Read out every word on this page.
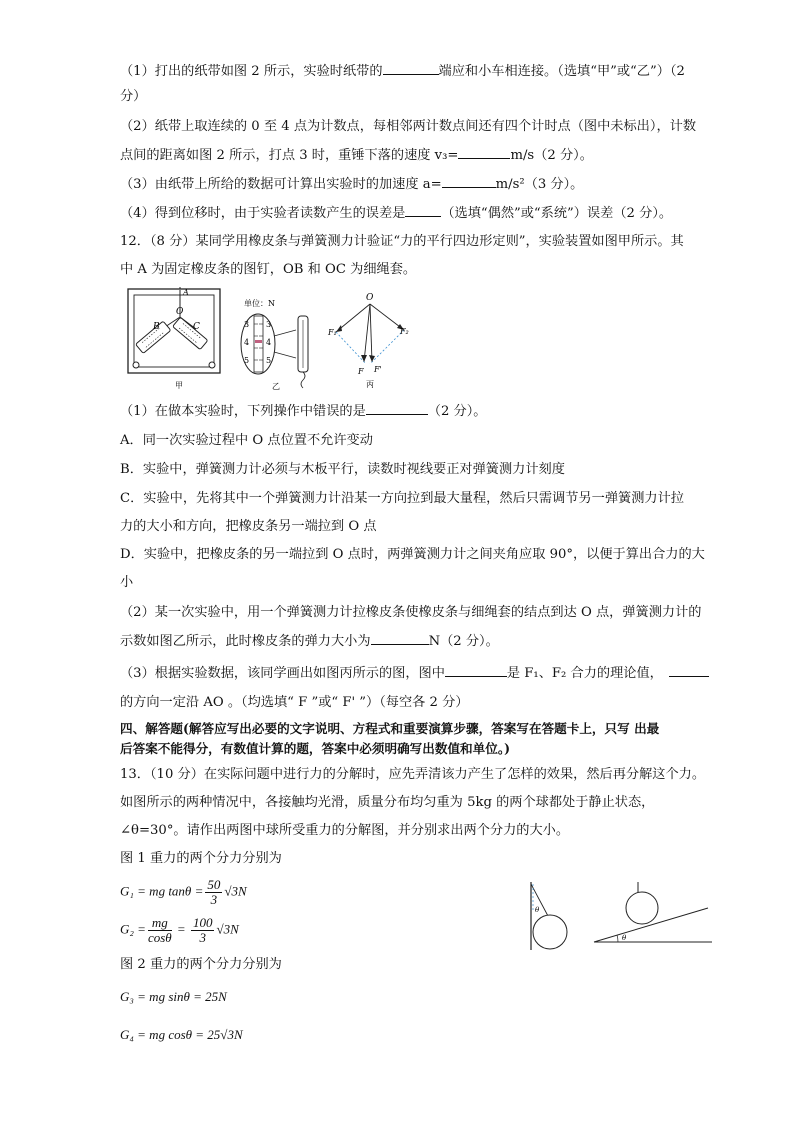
（1）打出的纸带如图 2 所示，实验时纸带的	端应和小车相连接。（选填“甲”或“乙”）（2
分）
（2）纸带上取连续的 0 至 4 点为计数点，每相邻两计数点间还有四个计时点（图中未标出），计数
点间的距离如图 2 所示，打点 3 时，重锤下落的速度 v₃=	m/s（2 分）。
（3）由纸带上所给的数据可计算出实验时的加速度 a=	m/s²（3 分）。
（4）得到位移时，由于实验者读数产生的误差是	（选填“偶然”或“系统”）误差（2 分）。
12．（8 分）某同学用橡皮条与弹簧测力计验证“力的平行四边形定则”，实验装置如图甲所示。其
中 A 为固定橡皮条的图钉，OB 和 OC 为细绳套。
A
O
B	C
甲
单位：N
3
4
5
3
4
5
乙
O
F₁	F₂
F F'
丙
（1）在做本实验时，下列操作中错误的是	（2 分）。
A．同一次实验过程中 O 点位置不允许变动
B．实验中，弹簧测力计必须与木板平行，读数时视线要正对弹簧测力计刻度
C．实验中，先将其中一个弹簧测力计沿某一方向拉到最大量程，然后只需调节另一弹簧测力计拉
力的大小和方向，把橡皮条另一端拉到 O 点
D．实验中，把橡皮条的另一端拉到 O 点时，两弹簧测力计之间夹角应取 90°，以便于算出合力的大
小
（2）某一次实验中，用一个弹簧测力计拉橡皮条使橡皮条与细绳套的结点到达 O 点，弹簧测力计的
示数如图乙所示，此时橡皮条的弹力大小为	N（2 分）。
（3）根据实验数据，该同学画出如图丙所示的图，图中	是 F₁、F₂ 合力的理论值，
的方向一定沿 AO 。（均选填“ F ”或“ F' ”）（每空各 2 分）
四、解答题(解答应写出必要的文字说明、方程式和重要演算步骤，答案写在答题卡上，只写 出最
后答案不能得分，有数值计算的题，答案中必须明确写出数值和单位。)
13．（10 分）在实际问题中进行力的分解时，应先弄清该力产生了怎样的效果，然后再分解这个力。
如图所示的两种情况中，各接触均光滑，质量分布均匀重为 5kg 的两个球都处于静止状态，
∠θ=30°。请作出两图中球所受重力的分解图，并分别求出两个分力的大小。
图 1 重力的两个分力分别为
G₁ = mg $\tan\theta = \frac{50}{3} √3N$
$G_2 = \frac{mg}{\cos\theta} = \frac{100}{3} √3N$
图 2 重力的两个分力分别为
G₃ = mg sinθ = 25N
G₄ = mg cosθ = 25√3N
θ
θ
